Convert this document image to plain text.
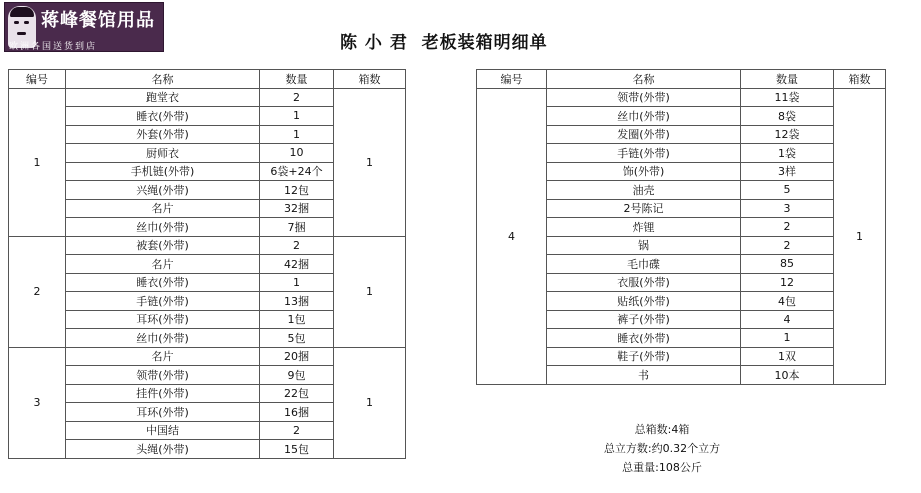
蒋峰餐馆用品
欧洲各国送货到店	陈 小 君  老板装箱明细单
编号	名称	数量	箱数
1	跑堂衣	2	1
	睡衣(外带)	1	
	外套(外带)	1	
	厨师衣	10	
	手机链(外带)	6袋+24个	
	兴绳(外带)	12包	
	名片	32捆	
	丝巾(外带)	7捆	
2	被套(外带)	2	1
	名片	42捆	
	睡衣(外带)	1	
	手链(外带)	13捆	
	耳环(外带)	1包	
	丝巾(外带)	5包	
3	名片	20捆	1
	领带(外带)	9包	
	挂件(外带)	22包	
	耳环(外带)	16捆	
	中国结	2	
	头绳(外带)	15包	
编号	名称	数量	箱数
4	领带(外带)	11袋	1
	丝巾(外带)	8袋	
	发圈(外带)	12袋	
	手链(外带)	1袋	
	饰(外带)	3样	
	油壳	5	
	2号陈记	3	
	炸锂	2	
	锅	2	
	毛巾碟	85	
	衣服(外带)	12	
	贴纸(外带)	4包	
	裤子(外带)	4	
	睡衣(外带)	1	
	鞋子(外带)	1双	
	书	10本	
总箱数:4箱
总立方数:约0.32个立方
总重量:108公斤
